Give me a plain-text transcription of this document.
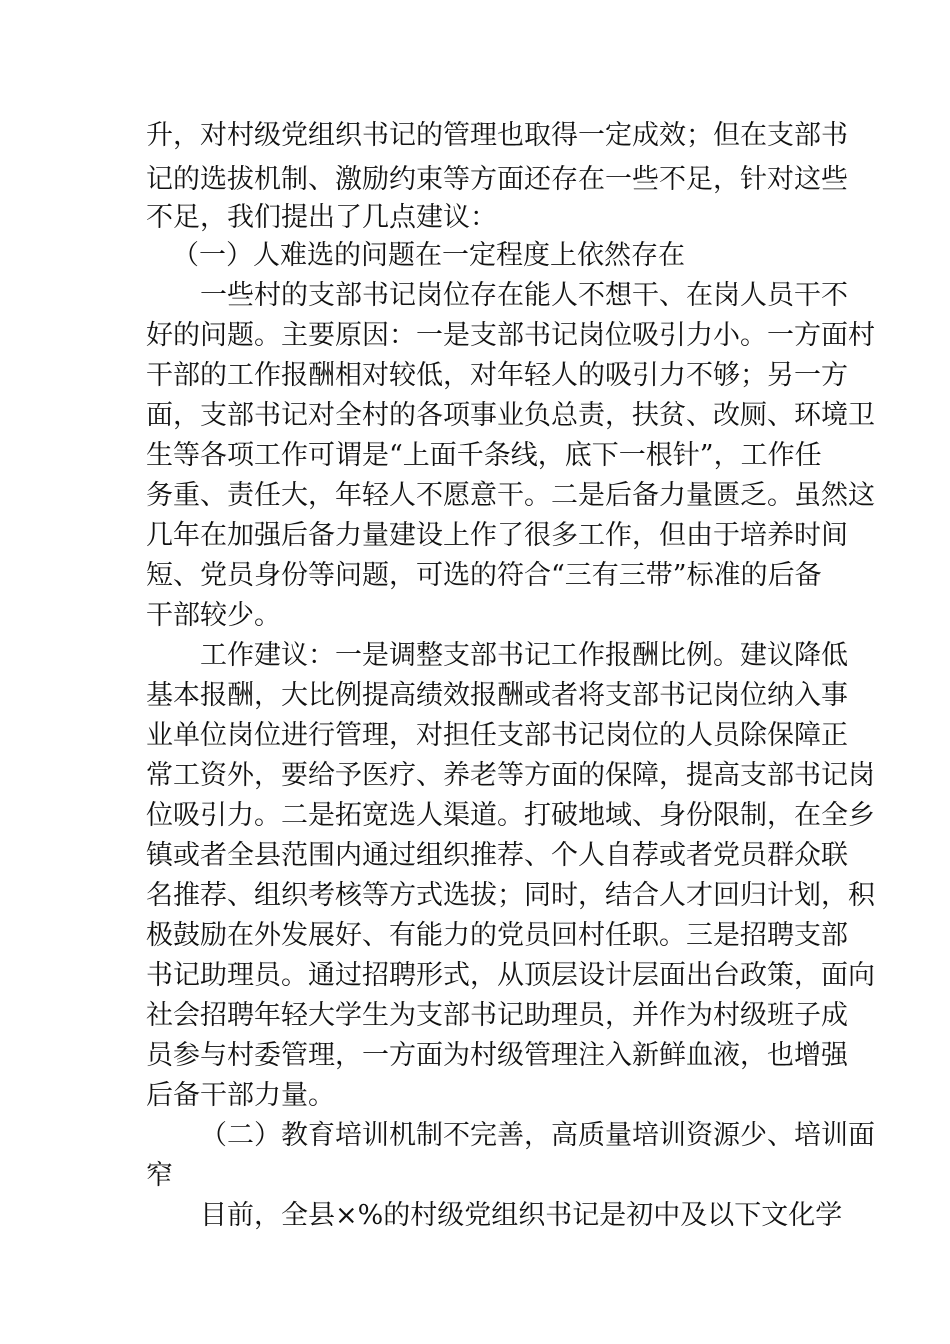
升，对村级党组织书记的管理也取得一定成效；但在支部书
记的选拔机制、激励约束等方面还存在一些不足，针对这些
不足，我们提出了几点建议：
（一）人难选的问题在一定程度上依然存在
一些村的支部书记岗位存在能人不想干、在岗人员干不
好的问题。主要原因：一是支部书记岗位吸引力小。一方面村
干部的工作报酬相对较低，对年轻人的吸引力不够；另一方
面，支部书记对全村的各项事业负总责，扶贫、改厕、环境卫
生等各项工作可谓是“上面千条线，底下一根针”，工作任
务重、责任大，年轻人不愿意干。二是后备力量匮乏。虽然这
几年在加强后备力量建设上作了很多工作，但由于培养时间
短、党员身份等问题，可选的符合“三有三带”标准的后备
干部较少。
工作建议：一是调整支部书记工作报酬比例。建议降低
基本报酬，大比例提高绩效报酬或者将支部书记岗位纳入事
业单位岗位进行管理，对担任支部书记岗位的人员除保障正
常工资外，要给予医疗、养老等方面的保障，提高支部书记岗
位吸引力。二是拓宽选人渠道。打破地域、身份限制，在全乡
镇或者全县范围内通过组织推荐、个人自荐或者党员群众联
名推荐、组织考核等方式选拔；同时，结合人才回归计划，积
极鼓励在外发展好、有能力的党员回村任职。三是招聘支部
书记助理员。通过招聘形式，从顶层设计层面出台政策，面向
社会招聘年轻大学生为支部书记助理员，并作为村级班子成
员参与村委管理，一方面为村级管理注入新鲜血液，也增强
后备干部力量。
（二）教育培训机制不完善，高质量培训资源少、培训面
窄
目前，全县×%的村级党组织书记是初中及以下文化学
